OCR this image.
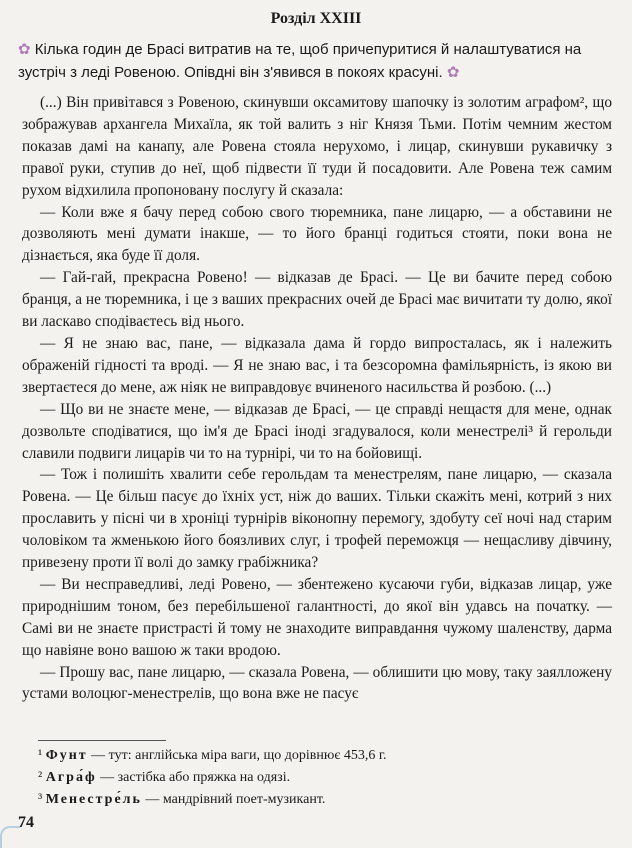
Розділ XXIII
✿ Кілька годин де Брасі витратив на те, щоб причепуритися й налаштуватися на зустріч з леді Ровеною. Опівдні він з'явився в покоях красуні. ✿

(...) Він привітався з Ровеною, скинувши оксамитову шапочку із золотим аграфом², що зображував архангела Михаїла, як той валить з ніг Князя Тьми. Потім чемним жестом показав дамі на канапу, але Ровена стояла нерухомо, і лицар, скинувши рукавичку з правої руки, ступив до неї, щоб підвести її туди й посадовити. Але Ровена теж самим рухом відхилила пропоновану послугу й сказала:

— Коли вже я бачу перед собою свого тюремника, пане лицарю, — а обставини не дозволяють мені думати інакше, — то його бранці годиться стояти, поки вона не дізнається, яка буде її доля.

— Гай-гай, прекрасна Ровено! — відказав де Брасі. — Це ви бачите перед собою бранця, а не тюремника, і це з ваших прекрасних очей де Брасі має вичитати ту долю, якої ви ласкаво сподіваєтесь від нього.

— Я не знаю вас, пане, — відказала дама й гордо випросталась, як і належить ображеній гідності та вроді. — Я не знаю вас, і та безсоромна фамільярність, із якою ви звертаєтеся до мене, аж ніяк не виправдовує вчиненого насильства й розбою. (...)

— Що ви не знаєте мене, — відказав де Брасі, — це справді нещастя для мене, однак дозвольте сподіватися, що ім'я де Брасі іноді згадувалося, коли менестрелі³ й герольди славили подвиги лицарів чи то на турнірі, чи то на бойовищі.

— Тож і полишіть хвалити себе герольдам та менестрелям, пане лицарю, — сказала Ровена. — Це більш пасує до їхніх уст, ніж до ваших. Тільки скажіть мені, котрий з них прославить у пісні чи в хроніці турнірів віконопну перемогу, здобуту сеї ночі над старим чоловіком та жменькою його боязливих слуг, і трофей переможця — нещасливу дівчину, привезену проти її волі до замку грабіжника?

— Ви несправедливі, леді Ровено, — збентежено кусаючи губи, відказав лицар, уже природнішим тоном, без перебільшеної галантності, до якої він удавсь на початку. — Самі ви не знаєте пристрасті й тому не знаходите виправдання чужому шаленству, дарма що навіяне воно вашою ж таки вродою.

— Прошу вас, пане лицарю, — сказала Ровена, — облишити цю мову, таку заялложену устами волоцюг-менестрелів, що вона вже не пасує

¹ Фунт — тут: англійська міра ваги, що дорівнює 453,6 г.
² Агра́ф — застібка або пряжка на одязі.
³ Менестре́ль — мандрівний поет-музикант.
74
